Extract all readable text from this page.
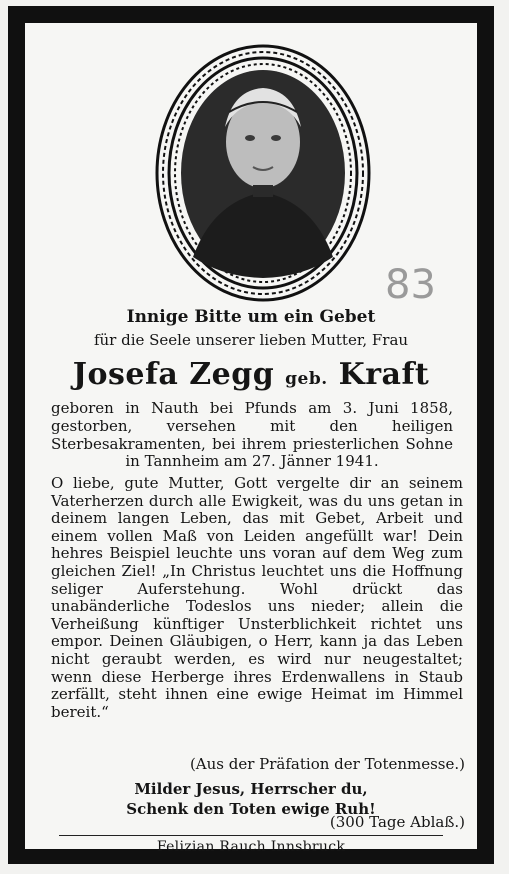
83
Innige Bitte um ein Gebet
für die Seele unserer lieben Mutter, Frau
Josefa Zegg geb. Kraft
geboren in Nauth bei Pfunds am 3. Juni 1858, gestorben, versehen mit den heiligen Sterbesakramenten, bei ihrem priesterlichen Sohne in Tannheim am 27. Jänner 1941.
O liebe, gute Mutter, Gott vergelte dir an seinem Vaterherzen durch alle Ewigkeit, was du uns getan in deinem langen Leben, das mit Gebet, Arbeit und einem vollen Maß von Leiden angefüllt war! Dein hehres Beispiel leuchte uns voran auf dem Weg zum gleichen Ziel! „In Christus leuchtet uns die Hoffnung seliger Auferstehung. Wohl drückt das unabänderliche Todeslos uns nieder; allein die Verheißung künftiger Unsterblichkeit richtet uns empor. Deinen Gläubigen, o Herr, kann ja das Leben nicht geraubt werden, es wird nur neugestaltet; wenn diese Herberge ihres Erdenwallens in Staub zerfällt, steht ihnen eine ewige Heimat im Himmel bereit.“
(Aus der Präfation der Totenmesse.)
Milder Jesus, Herrscher du,
Schenk den Toten ewige Ruh!
(300 Tage Ablaß.)
Felizian Rauch Innsbruck
